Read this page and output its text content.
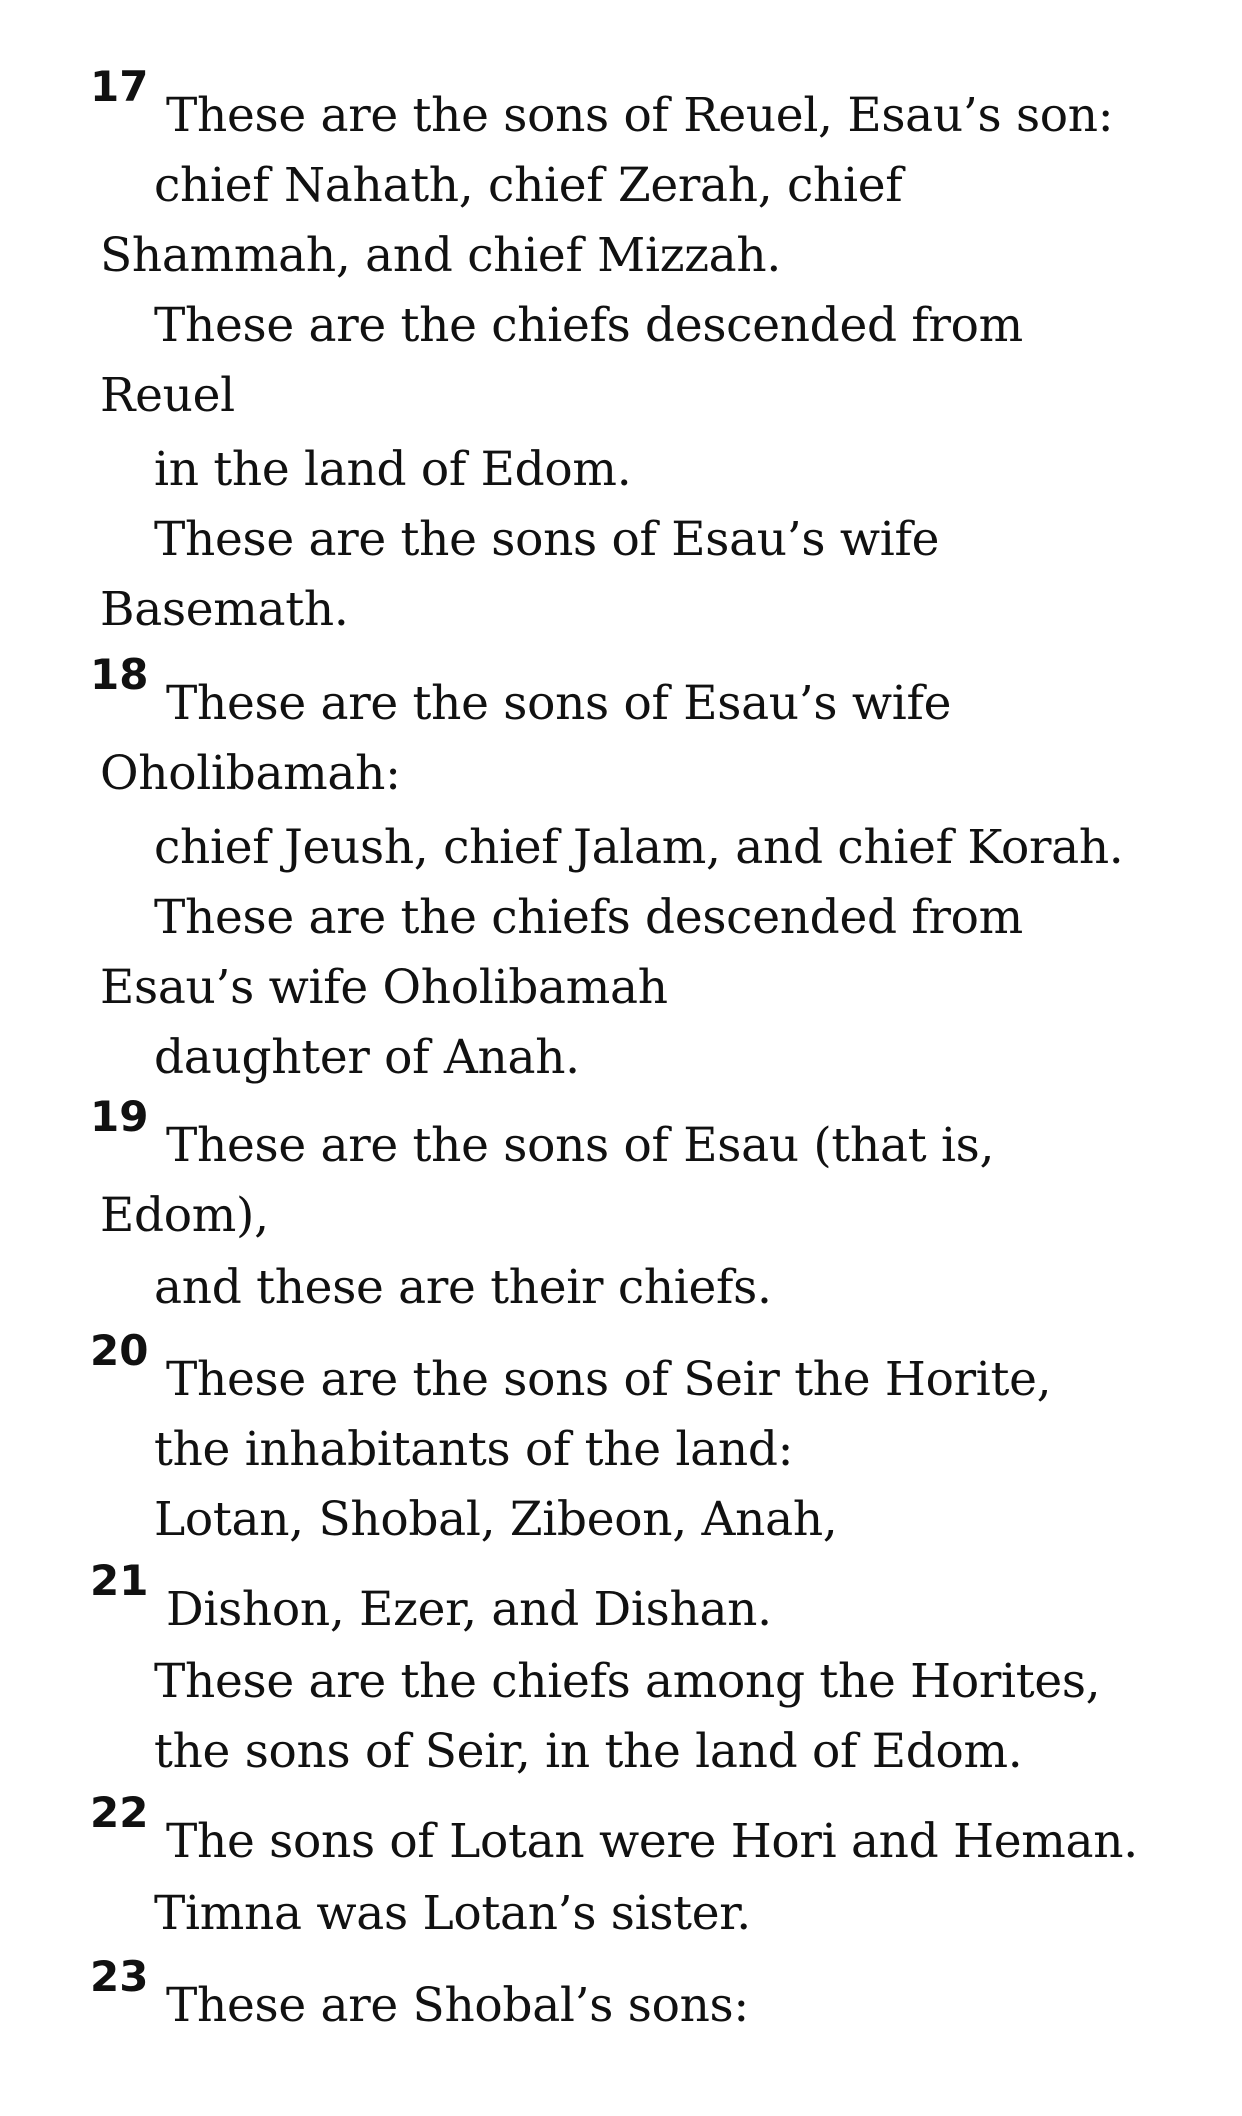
17
These are the sons of Reuel, Esau’s son:
chief Nahath, chief Zerah, chief
Shammah, and chief Mizzah.
These are the chiefs descended from
Reuel
in the land of Edom.
These are the sons of Esau’s wife
Basemath.
18
These are the sons of Esau’s wife
Oholibamah:
chief Jeush, chief Jalam, and chief Korah.
These are the chiefs descended from
Esau’s wife Oholibamah
daughter of Anah.
19
These are the sons of Esau (that is,
Edom),
and these are their chiefs.
20
These are the sons of Seir the Horite,
the inhabitants of the land:
Lotan, Shobal, Zibeon, Anah,
21
Dishon, Ezer, and Dishan.
These are the chiefs among the Horites,
the sons of Seir, in the land of Edom.
22
The sons of Lotan were Hori and Heman.
Timna was Lotan’s sister.
23
These are Shobal’s sons:
